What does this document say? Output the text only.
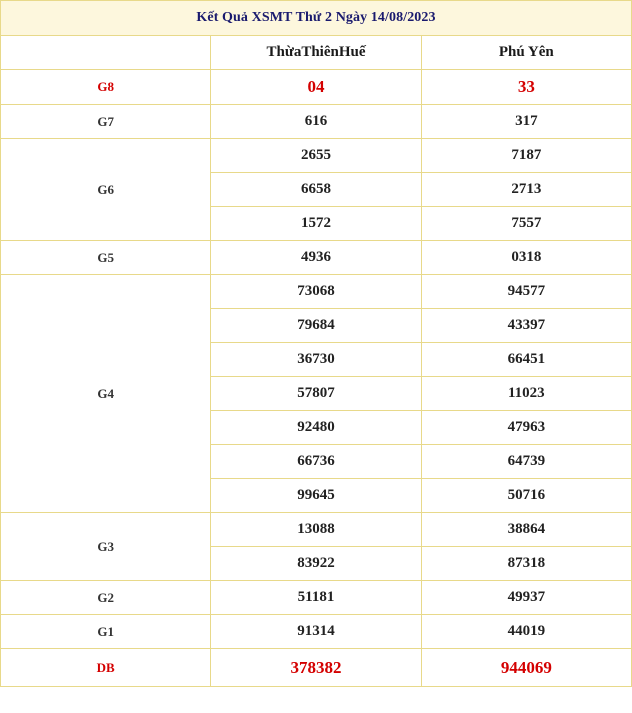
Kết Quả XSMT Thứ 2 Ngày 14/08/2023		
	ThừaThiênHuế	Phú Yên
G8	04	33
G7	616	317
G6	2655	7187
	6658	2713
	1572	7557
G5	4936	0318
G4	73068	94577
	79684	43397
	36730	66451
	57807	11023
	92480	47963
	66736	64739
	99645	50716
G3	13088	38864
	83922	87318
G2	51181	49937
G1	91314	44019
DB	378382	944069
